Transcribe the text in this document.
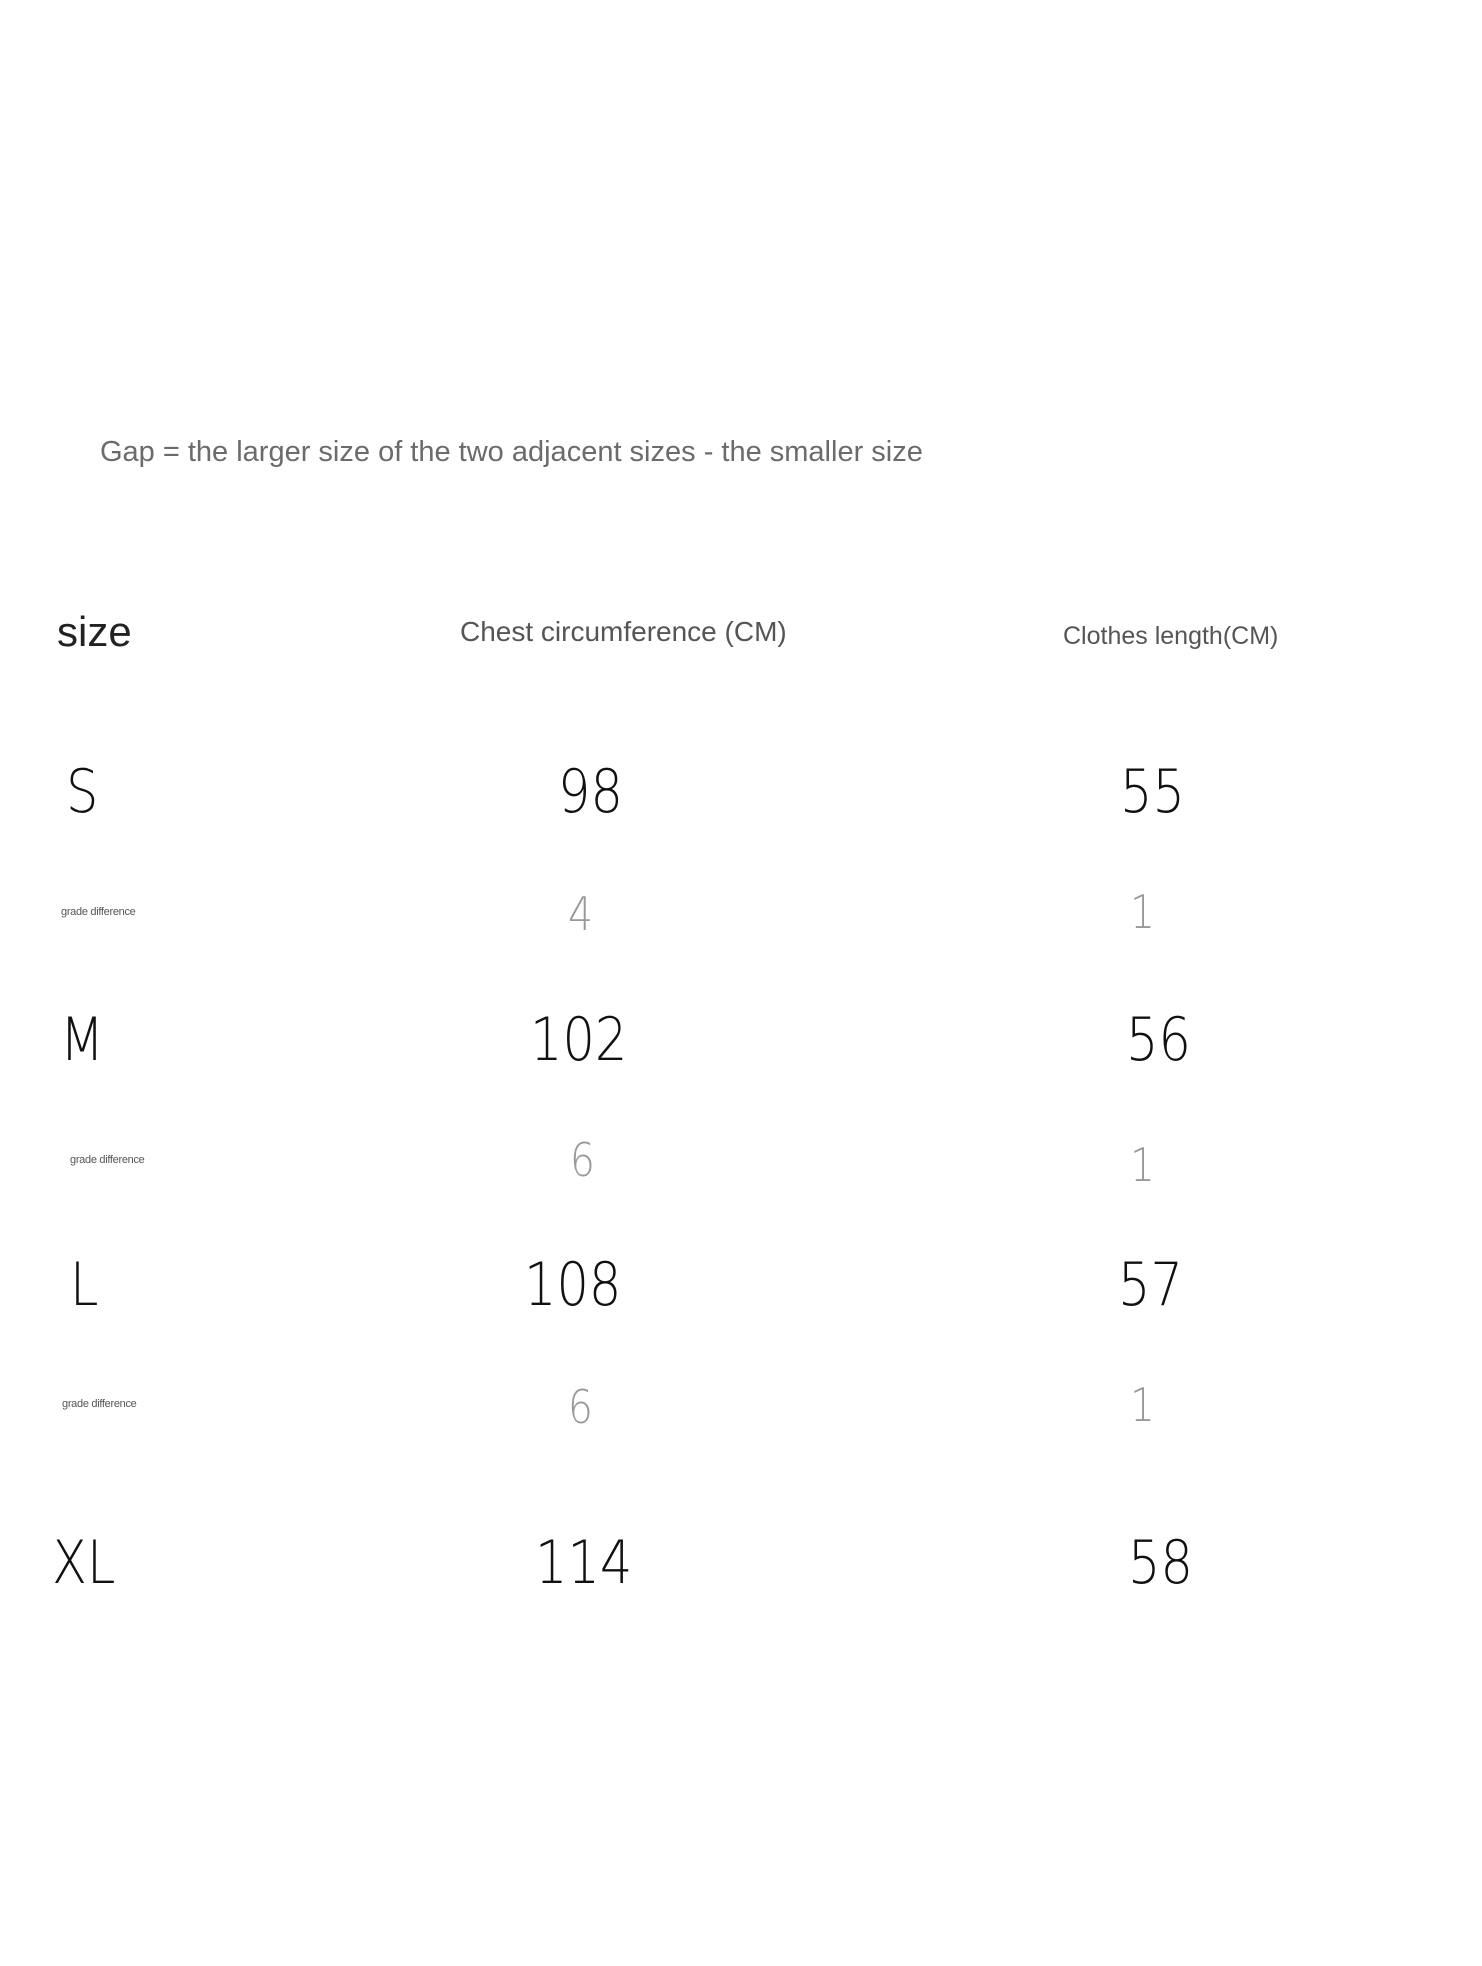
Gap = the larger size of the two adjacent sizes - the smaller size
size	Chest circumference (CM)	Clothes length(CM)
S	98	55
grade difference	4	1
M	102	56
grade difference	6	1
L	108	57
grade difference	6	1
XL	114	58
